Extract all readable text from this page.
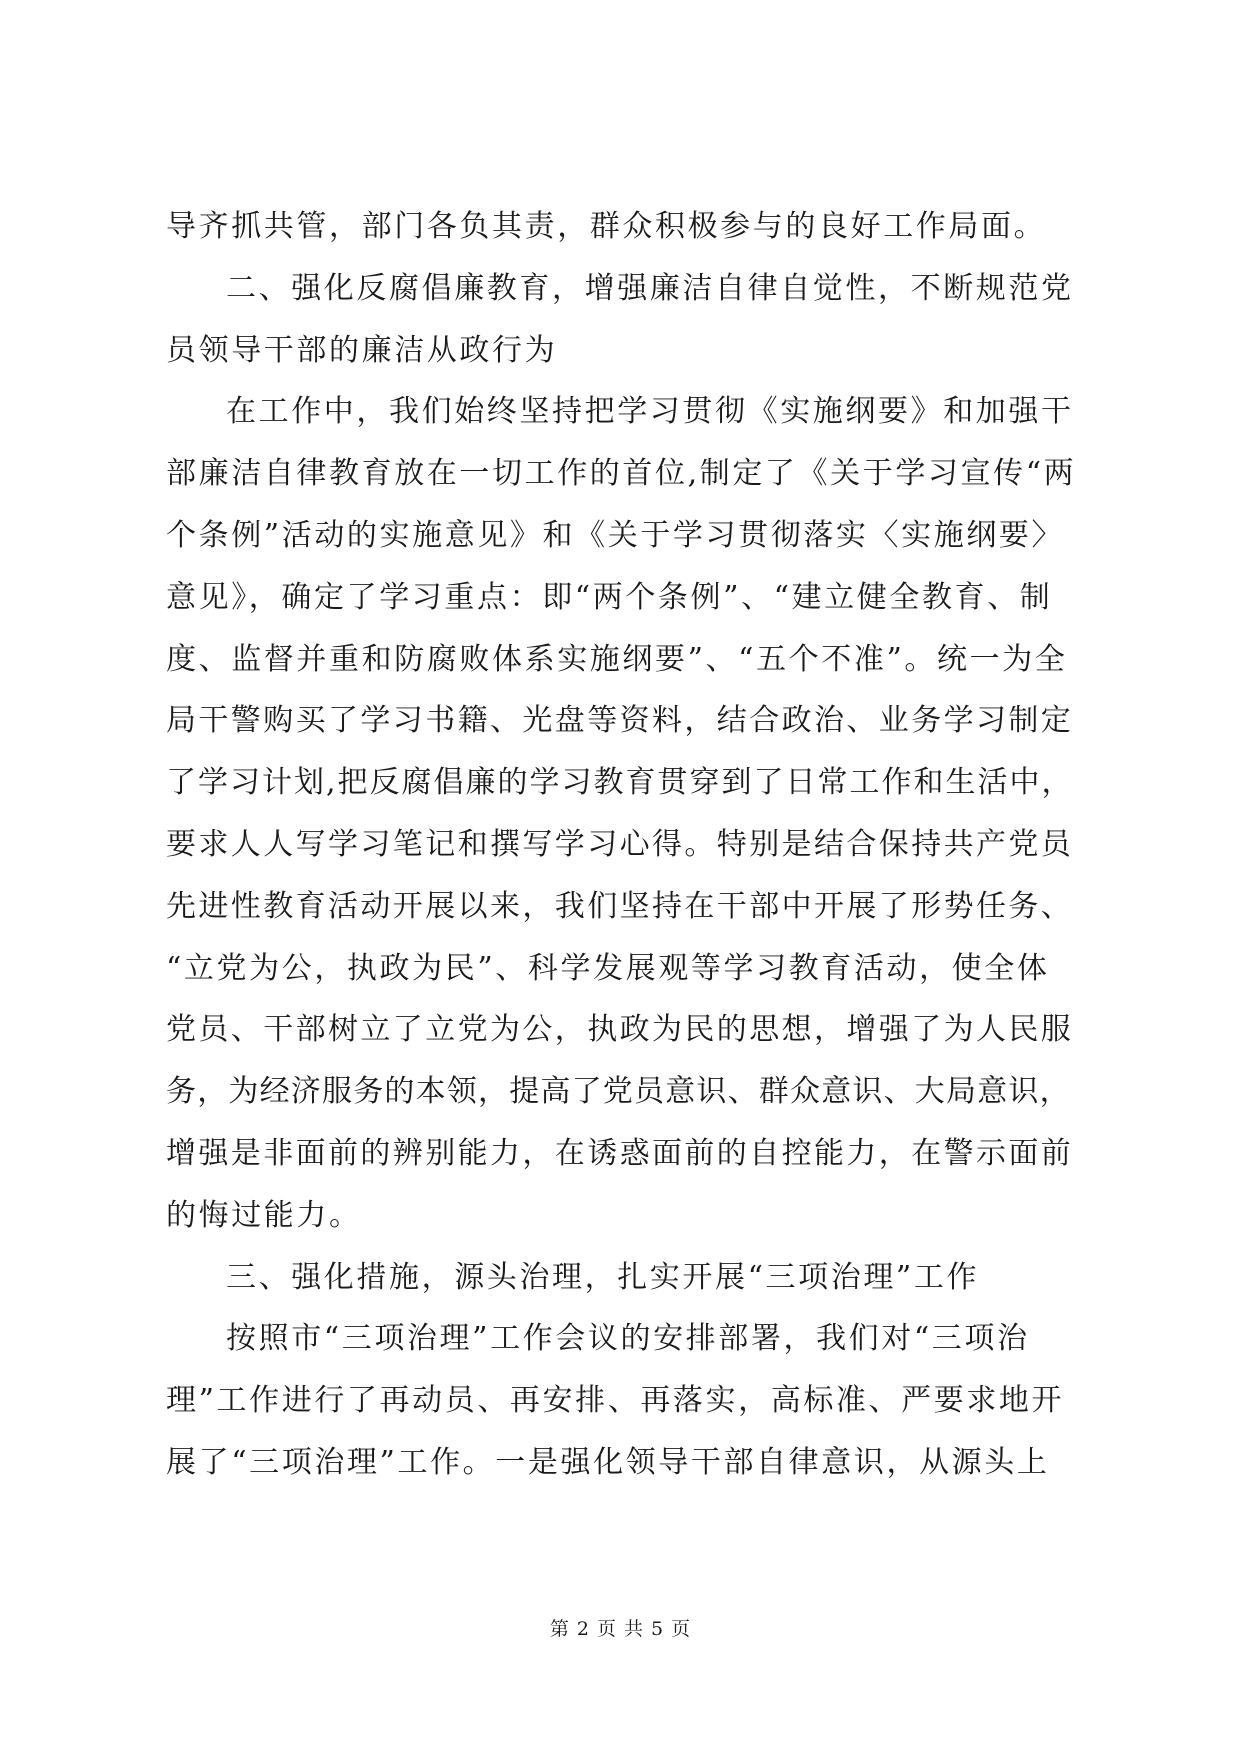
导齐抓共管，部门各负其责，群众积极参与的良好工作局面。
二、强化反腐倡廉教育，增强廉洁自律自觉性，不断规范党
员领导干部的廉洁从政行为
在工作中，我们始终坚持把学习贯彻《实施纲要》和加强干
部廉洁自律教育放在一切工作的首位,制定了《关于学习宣传“两
个条例”活动的实施意见》和《关于学习贯彻落实〈实施纲要〉
意见》，确定了学习重点：即“两个条例”、“建立健全教育、制
度、监督并重和防腐败体系实施纲要”、“五个不准”。统一为全
局干警购买了学习书籍、光盘等资料，结合政治、业务学习制定
了学习计划,把反腐倡廉的学习教育贯穿到了日常工作和生活中，
要求人人写学习笔记和撰写学习心得。特别是结合保持共产党员
先进性教育活动开展以来，我们坚持在干部中开展了形势任务、
“立党为公，执政为民”、科学发展观等学习教育活动，使全体
党员、干部树立了立党为公，执政为民的思想，增强了为人民服
务，为经济服务的本领，提高了党员意识、群众意识、大局意识，
增强是非面前的辨别能力，在诱惑面前的自控能力，在警示面前
的悔过能力。
三、强化措施，源头治理，扎实开展“三项治理”工作
按照市“三项治理”工作会议的安排部署，我们对“三项治
理”工作进行了再动员、再安排、再落实，高标准、严要求地开
展了“三项治理”工作。一是强化领导干部自律意识，从源头上
第 2 页 共 5 页
